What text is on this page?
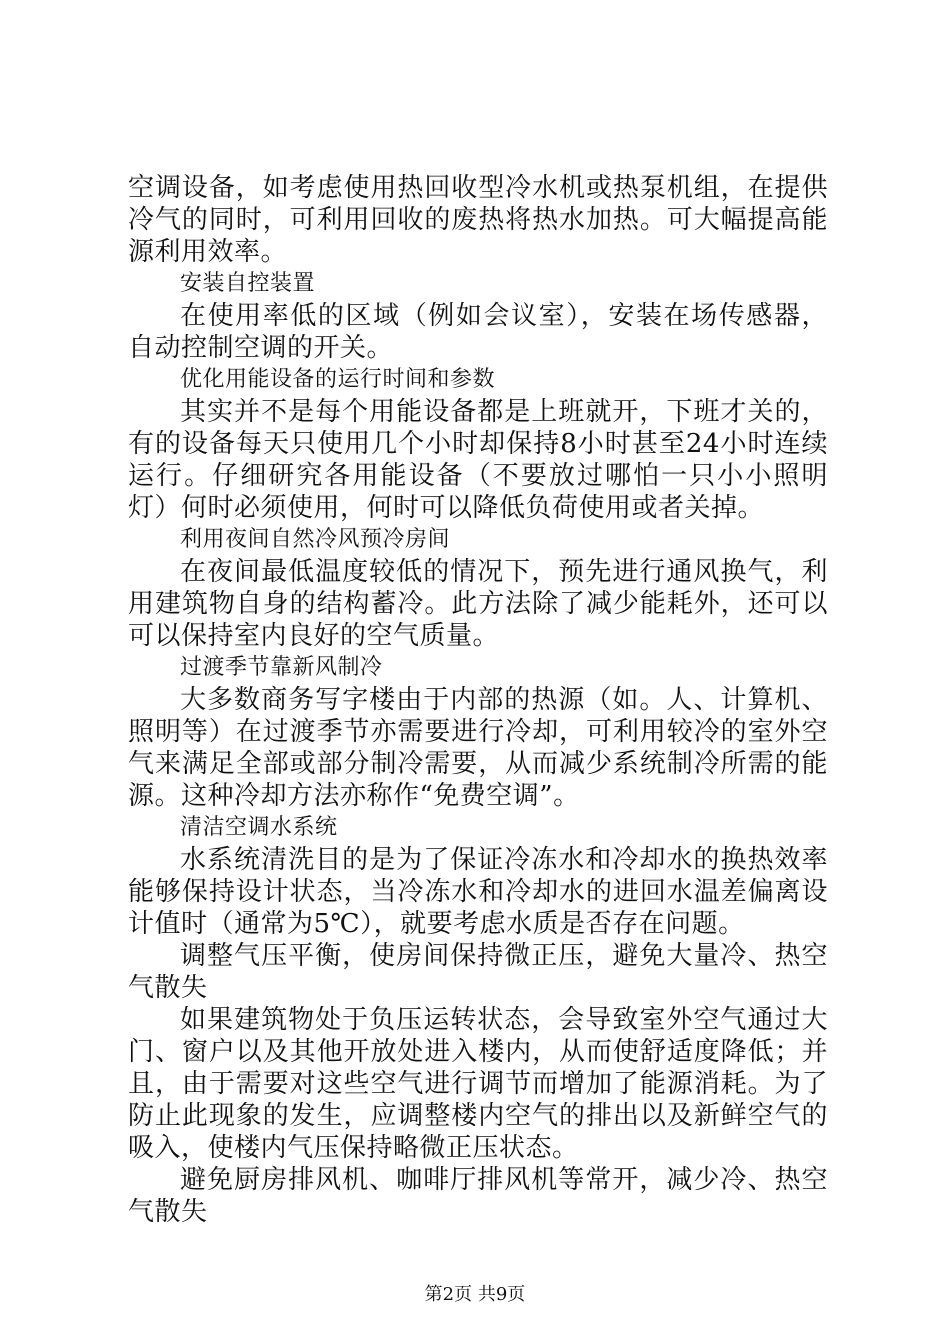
空调设备，如考虑使用热回收型冷水机或热泵机组，在提供冷气的同时，可利用回收的废热将热水加热。可大幅提高能源利用效率。

安装自控装置

在使用率低的区域（例如会议室），安装在场传感器，自动控制空调的开关。

优化用能设备的运行时间和参数

其实并不是每个用能设备都是上班就开，下班才关的，有的设备每天只使用几个小时却保持8小时甚至24小时连续运行。仔细研究各用能设备（不要放过哪怕一只小小照明灯）何时必须使用，何时可以降低负荷使用或者关掉。

利用夜间自然冷风预冷房间

在夜间最低温度较低的情况下，预先进行通风换气，利用建筑物自身的结构蓄冷。此方法除了减少能耗外，还可以可以保持室内良好的空气质量。

过渡季节靠新风制冷

大多数商务写字楼由于内部的热源（如。人、计算机、照明等）在过渡季节亦需要进行冷却，可利用较冷的室外空气来满足全部或部分制冷需要，从而减少系统制冷所需的能源。这种冷却方法亦称作“免费空调”。

清洁空调水系统

水系统清洗目的是为了保证冷冻水和冷却水的换热效率能够保持设计状态，当冷冻水和冷却水的进回水温差偏离设计值时（通常为5℃），就要考虑水质是否存在问题。

调整气压平衡，使房间保持微正压，避免大量冷、热空气散失

如果建筑物处于负压运转状态，会导致室外空气通过大门、窗户以及其他开放处进入楼内，从而使舒适度降低；并且，由于需要对这些空气进行调节而增加了能源消耗。为了防止此现象的发生，应调整楼内空气的排出以及新鲜空气的吸入，使楼内气压保持略微正压状态。

避免厨房排风机、咖啡厅排风机等常开，减少冷、热空气散失

第2页 共9页
